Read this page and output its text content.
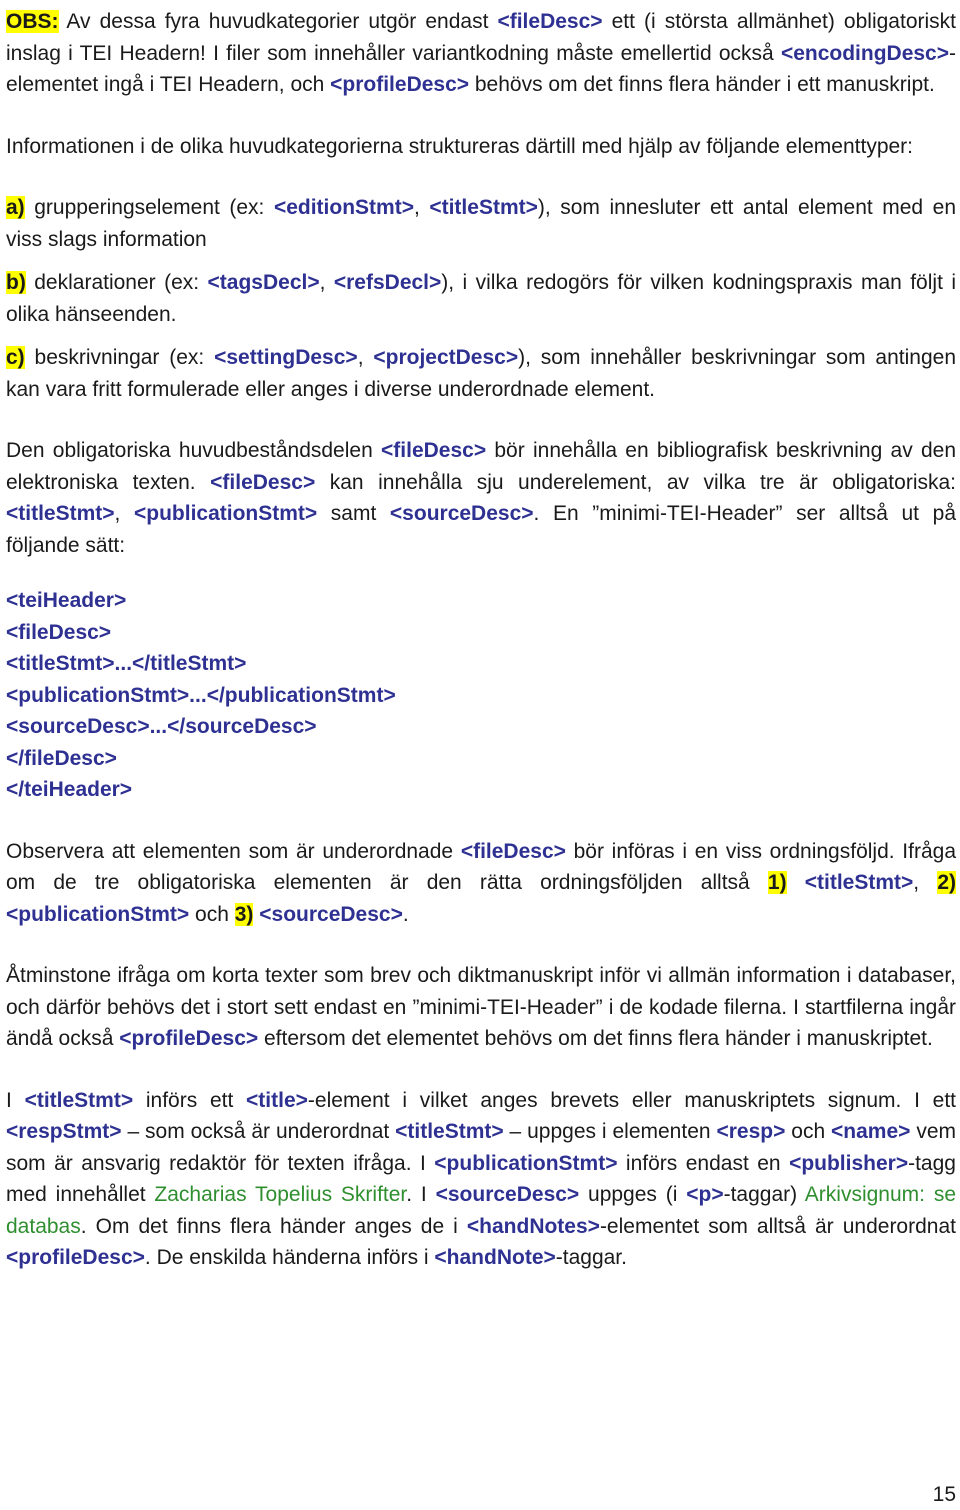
OBS: Av dessa fyra huvudkategorier utgör endast <fileDesc> ett (i största allmänhet) obligatoriskt inslag i TEI Headern! I filer som innehåller variantkodning måste emellertid också <encodingDesc>-elementet ingå i TEI Headern, och <profileDesc> behövs om det finns flera händer i ett manuskript.

Informationen i de olika huvudkategorierna struktureras därtill med hjälp av följande elementtyper:

a) grupperingselement (ex: <editionStmt>, <titleStmt>), som innesluter ett antal element med en viss slags information

b) deklarationer (ex: <tagsDecl>, <refsDecl>), i vilka redogörs för vilken kodningspraxis man följt i olika hänseenden.

c) beskrivningar (ex: <settingDesc>, <projectDesc>), som innehåller beskrivningar som antingen kan vara fritt formulerade eller anges i diverse underordnade element.

Den obligatoriska huvudbeståndsdelen <fileDesc> bör innehålla en bibliografisk beskrivning av den elektroniska texten. <fileDesc> kan innehålla sju underelement, av vilka tre är obligatoriska: <titleStmt>, <publicationStmt> samt <sourceDesc>. En ”minimi-TEI-Header” ser alltså ut på följande sätt:

<teiHeader>
<fileDesc>
<titleStmt>...</titleStmt>
<publicationStmt>...</publicationStmt>
<sourceDesc>...</sourceDesc>
</fileDesc>
</teiHeader>

Observera att elementen som är underordnade <fileDesc> bör införas i en viss ordningsföljd. Ifråga om de tre obligatoriska elementen är den rätta ordningsföljden alltså 1) <titleStmt>, 2) <publicationStmt> och 3) <sourceDesc>.

Åtminstone ifråga om korta texter som brev och diktmanuskript inför vi allmän information i databaser, och därför behövs det i stort sett endast en ”minimi-TEI-Header” i de kodade filerna. I startfilerna ingår ändå också <profileDesc> eftersom det elementet behövs om det finns flera händer i manuskriptet.

I <titleStmt> införs ett <title>-element i vilket anges brevets eller manuskriptets signum. I ett <respStmt> – som också är underordnat <titleStmt> – uppges i elementen <resp> och <name> vem som är ansvarig redaktör för texten ifråga. I <publicationStmt> införs endast en <publisher>-tagg med innehållet Zacharias Topelius Skrifter. I <sourceDesc> uppges (i <p>-taggar) Arkivsignum: se databas. Om det finns flera händer anges de i <handNotes>-elementet som alltså är underordnat <profileDesc>. De enskilda händerna införs i <handNote>-taggar.

15
